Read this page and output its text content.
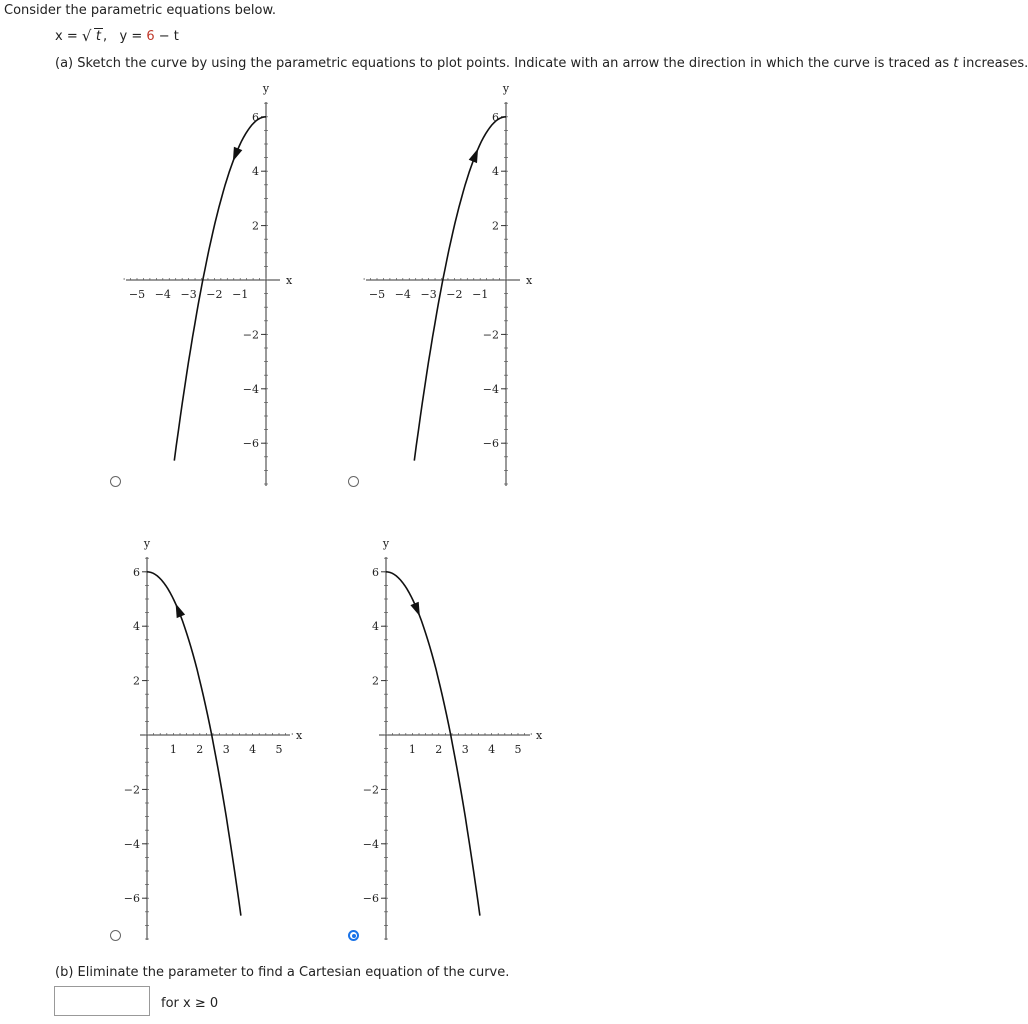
Consider the parametric equations below.
x = √ t ,   y = 6 − t
(a) Sketch the curve by using the parametric equations to plot points. Indicate with an arrow the direction in which the curve is traced as t increases.
−5 −4 −3 −2 −1
6
4
2
−2
−4
−6
x
y
−5 −4 −3 −2 −1
6
4
2
−2
−4
−6
x
y
1 2 3 4 5
6
4
2
−2
−4
−6
x
y
1 2 3 4 5
6
4
2
−2
−4
−6
x
y
(b) Eliminate the parameter to find a Cartesian equation of the curve.
for x ≥ 0
